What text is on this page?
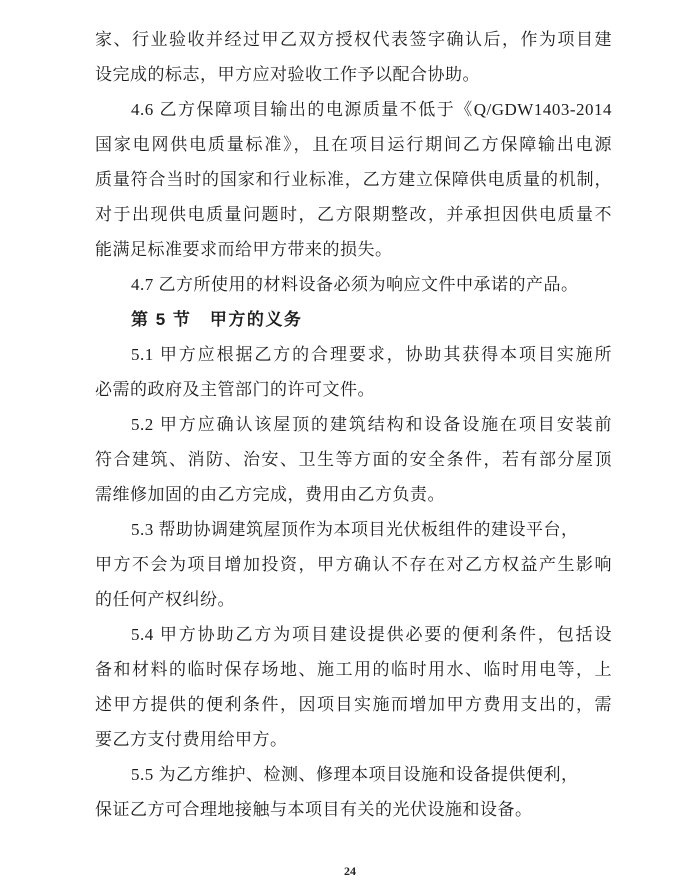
家、行业验收并经过甲乙双方授权代表签字确认后，作为项目建
设完成的标志，甲方应对验收工作予以配合协助。
4.6 乙方保障项目输出的电源质量不低于《Q/GDW1403-2014
国家电网供电质量标准》，且在项目运行期间乙方保障输出电源
质量符合当时的国家和行业标准，乙方建立保障供电质量的机制，
对于出现供电质量问题时，乙方限期整改，并承担因供电质量不
能满足标准要求而给甲方带来的损失。
4.7 乙方所使用的材料设备必须为响应文件中承诺的产品。
第 5 节　甲方的义务
5.1 甲方应根据乙方的合理要求，协助其获得本项目实施所
必需的政府及主管部门的许可文件。
5.2 甲方应确认该屋顶的建筑结构和设备设施在项目安装前
符合建筑、消防、治安、卫生等方面的安全条件，若有部分屋顶
需维修加固的由乙方完成，费用由乙方负责。
5.3 帮助协调建筑屋顶作为本项目光伏板组件的建设平台，
甲方不会为项目增加投资，甲方确认不存在对乙方权益产生影响
的任何产权纠纷。
5.4 甲方协助乙方为项目建设提供必要的便利条件，包括设
备和材料的临时保存场地、施工用的临时用水、临时用电等，上
述甲方提供的便利条件，因项目实施而增加甲方费用支出的，需
要乙方支付费用给甲方。
5.5 为乙方维护、检测、修理本项目设施和设备提供便利，
保证乙方可合理地接触与本项目有关的光伏设施和设备。
24
